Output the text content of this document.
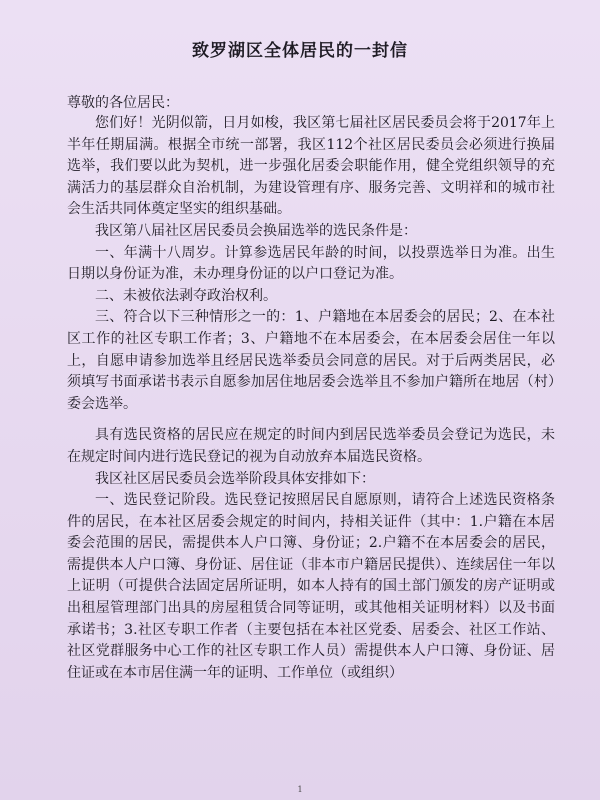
致罗湖区全体居民的一封信
尊敬的各位居民：

您们好！光阴似箭，日月如梭，我区第七届社区居民委员会将于2017年上半年任期届满。根据全市统一部署，我区112个社区居民委员会必须进行换届选举，我们要以此为契机，进一步强化居委会职能作用，健全党组织领导的充满活力的基层群众自治机制，为建设管理有序、服务完善、文明祥和的城市社会生活共同体奠定坚实的组织基础。

我区第八届社区居民委员会换届选举的选民条件是：

一、年满十八周岁。计算参选居民年龄的时间，以投票选举日为准。出生日期以身份证为准，未办理身份证的以户口登记为准。

二、未被依法剥夺政治权利。

三、符合以下三种情形之一的：1、户籍地在本居委会的居民；2、在本社区工作的社区专职工作者；3、户籍地不在本居委会，在本居委会居住一年以上，自愿申请参加选举且经居民选举委员会同意的居民。对于后两类居民，必须填写书面承诺书表示自愿参加居住地居委会选举且不参加户籍所在地居（村）委会选举。

具有选民资格的居民应在规定的时间内到居民选举委员会登记为选民，未在规定时间内进行选民登记的视为自动放弃本届选民资格。

我区社区居民委员会选举阶段具体安排如下：

一、选民登记阶段。选民登记按照居民自愿原则，请符合上述选民资格条件的居民，在本社区居委会规定的时间内，持相关证件（其中：1.户籍在本居委会范围的居民，需提供本人户口簿、身份证；2.户籍不在本居委会的居民，需提供本人户口簿、身份证、居住证（非本市户籍居民提供）、连续居住一年以上证明（可提供合法固定居所证明，如本人持有的国土部门颁发的房产证明或出租屋管理部门出具的房屋租赁合同等证明，或其他相关证明材料）以及书面承诺书；3.社区专职工作者（主要包括在本社区党委、居委会、社区工作站、社区党群服务中心工作的社区专职工作人员）需提供本人户口簿、身份证、居住证或在本市居住满一年的证明、工作单位（或组织）

1
